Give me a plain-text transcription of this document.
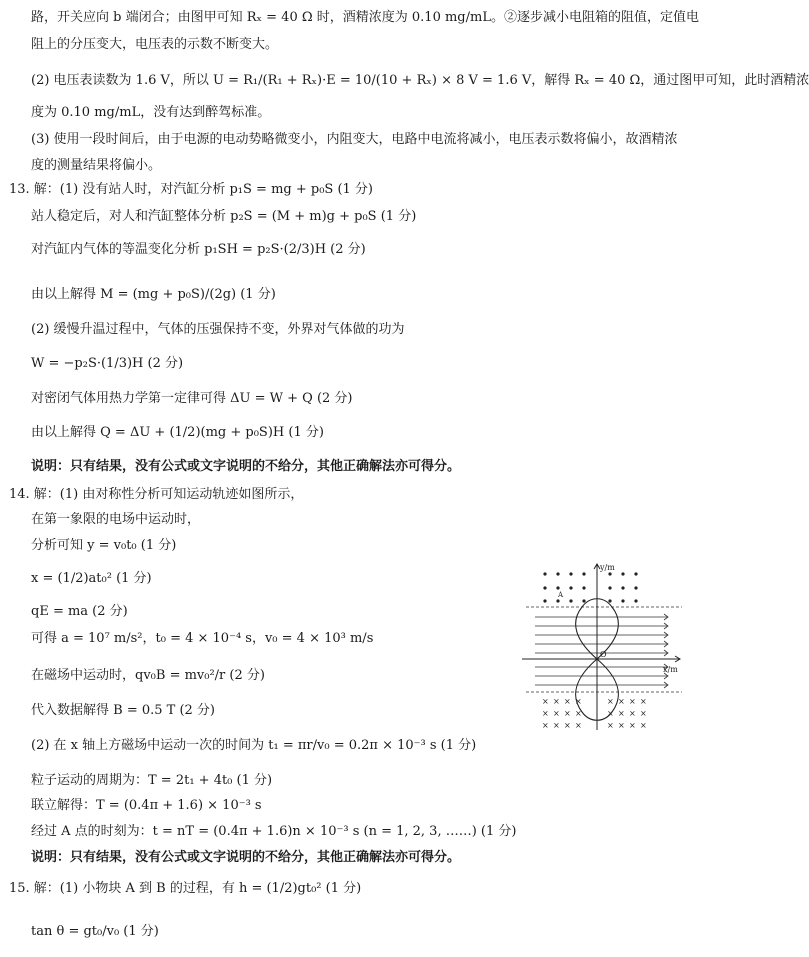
路，开关应向 b 端闭合；由图甲可知 Rₓ = 40 Ω 时，酒精浓度为 0.10 mg/mL。②逐步减小电阻箱的阻值，定值电
阻上的分压变大，电压表的示数不断变大。
(2) 电压表读数为 1.6 V，所以 U = R₁/(R₁ + Rₓ)·E = 10/(10 + Rₓ) × 8 V = 1.6 V，解得 Rₓ = 40 Ω，通过图甲可知，此时酒精浓
度为 0.10 mg/mL，没有达到醉驾标准。
(3) 使用一段时间后，由于电源的电动势略微变小，内阻变大，电路中电流将减小，电压表示数将偏小，故酒精浓
度的测量结果将偏小。
13. 解：(1) 没有站人时，对汽缸分析 p₁S = mg + p₀S (1 分)
站人稳定后，对人和汽缸整体分析 p₂S = (M + m)g + p₀S (1 分)
对汽缸内气体的等温变化分析 p₁SH = p₂S·(2/3)H (2 分)
由以上解得 M = (mg + p₀S)/(2g) (1 分)
(2) 缓慢升温过程中，气体的压强保持不变，外界对气体做的功为
W = −p₂S·(1/3)H (2 分)
对密闭气体用热力学第一定律可得 ΔU = W + Q (2 分)
由以上解得 Q = ΔU + (1/2)(mg + p₀S)H (1 分)
说明：只有结果，没有公式或文字说明的不给分，其他正确解法亦可得分。
14. 解：(1) 由对称性分析可知运动轨迹如图所示，
在第一象限的电场中运动时，
分析可知 y = v₀t₀ (1 分)
x = (1/2)at₀² (1 分)
qE = ma (2 分)
可得 a = 10⁷ m/s²，t₀ = 4 × 10⁻⁴ s，v₀ = 4 × 10³ m/s
在磁场中运动时，qv₀B = mv₀²/r (2 分)
代入数据解得 B = 0.5 T (2 分)
(2) 在 x 轴上方磁场中运动一次的时间为 t₁ = πr/v₀ = 0.2π × 10⁻³ s (1 分)
粒子运动的周期为：T = 2t₁ + 4t₀ (1 分)
联立解得：T = (0.4π + 1.6) × 10⁻³ s
经过 A 点的时刻为：t = nT = (0.4π + 1.6)n × 10⁻³ s (n = 1, 2, 3, ……) (1 分)
说明：只有结果，没有公式或文字说明的不给分，其他正确解法亦可得分。
15. 解：(1) 小物块 A 到 B 的过程，有 h = (1/2)gt₀² (1 分)
tan θ = gt₀/v₀ (1 分)
y/m
x/m
O
A
× × × ×	× × × ×
× × × ×	× × × ×
× × × ×	× × × ×
